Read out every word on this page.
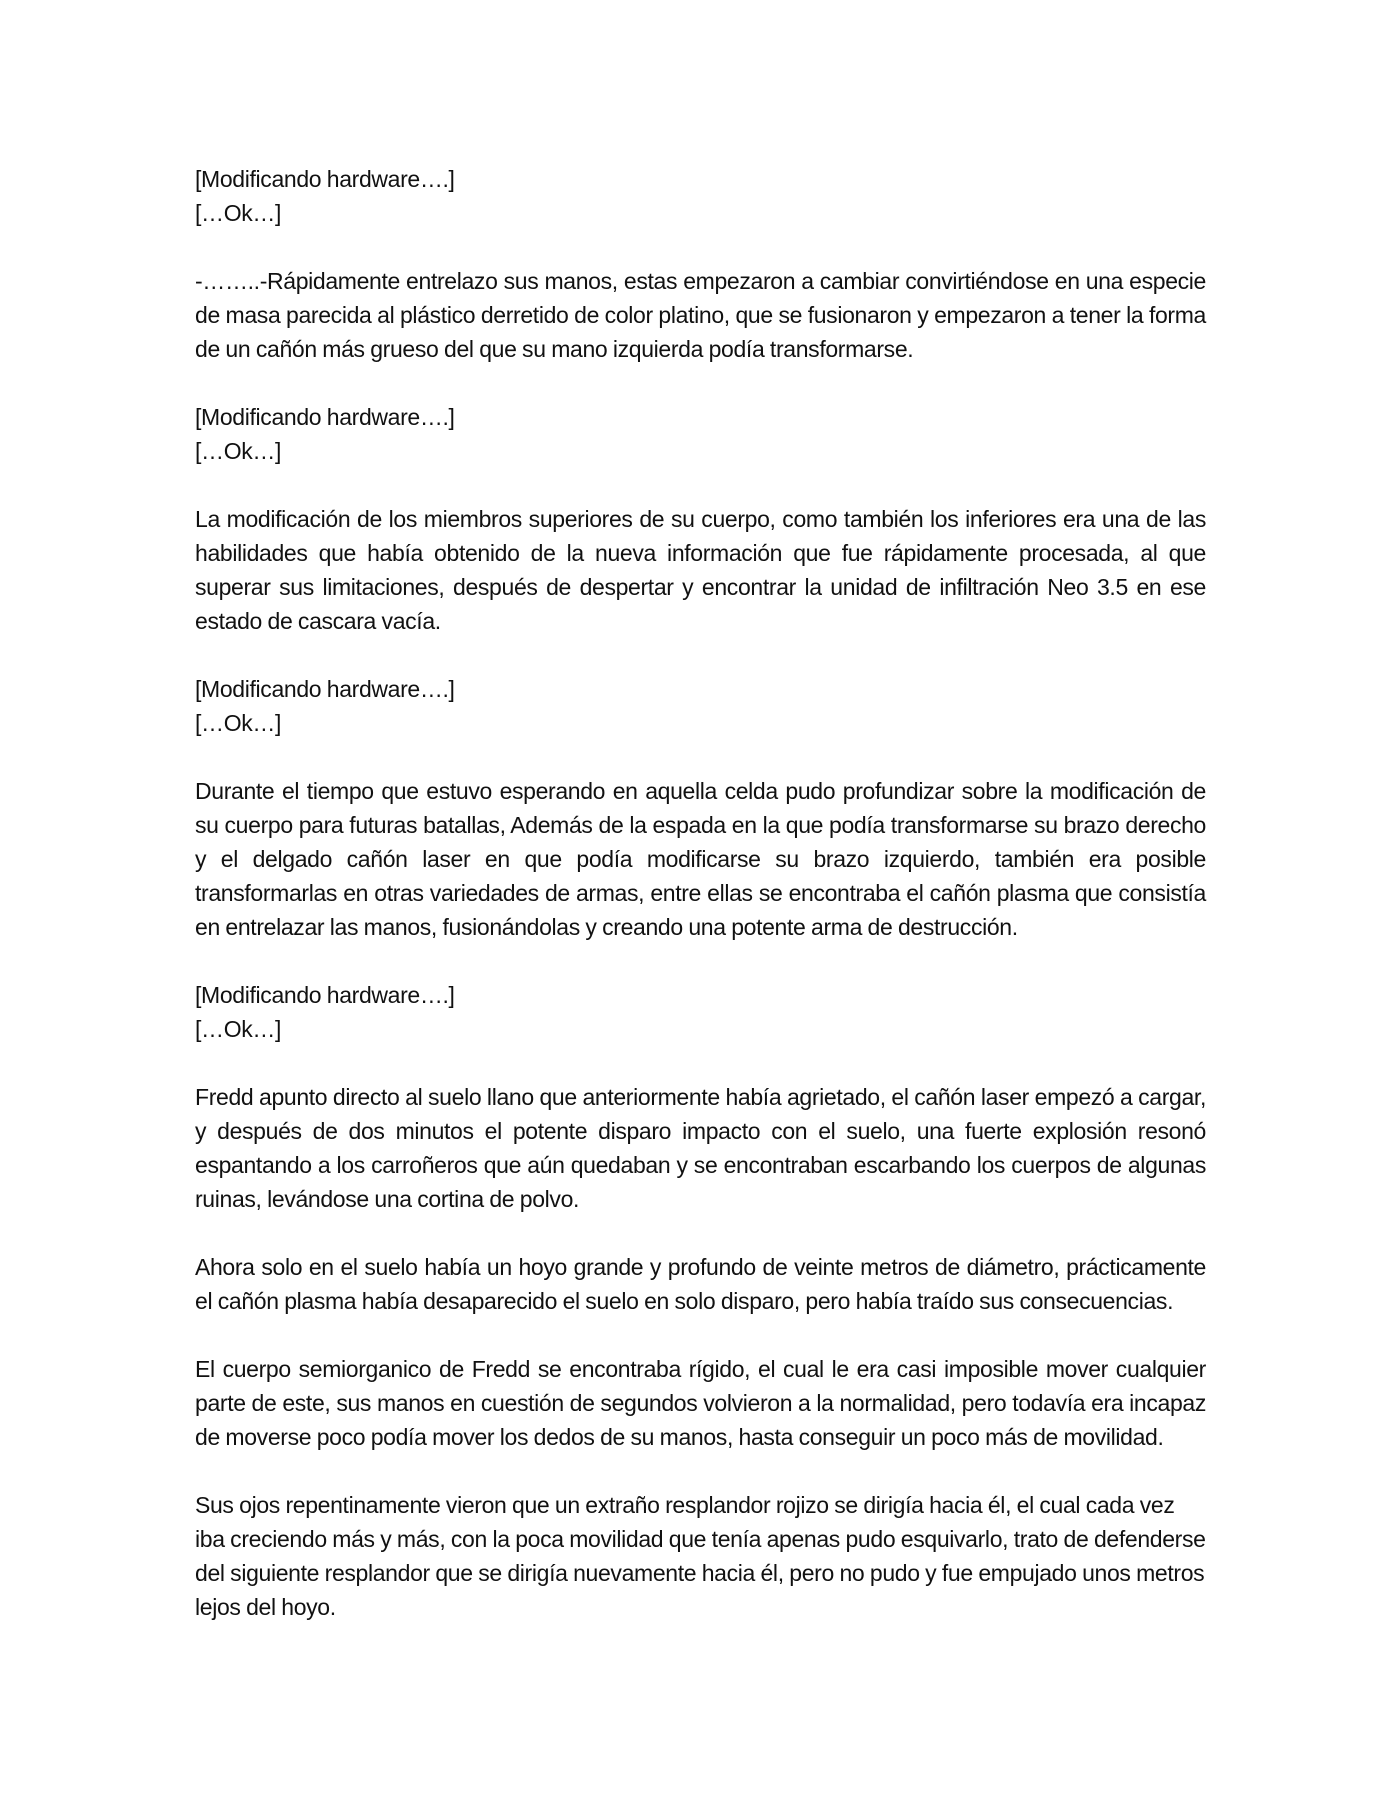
[Modificando hardware….]
[…Ok…]

-……..-Rápidamente entrelazo sus manos, estas empezaron a cambiar convirtiéndose en una especie de masa parecida al plástico derretido de color platino, que se fusionaron y empezaron a tener la forma de un cañón más grueso del que su mano izquierda podía transformarse.

[Modificando hardware….]
[…Ok…]

La modificación de los miembros superiores de su cuerpo, como también los inferiores era una de las habilidades que había obtenido de la nueva información que fue rápidamente procesada, al que superar sus limitaciones, después de despertar y encontrar la unidad de infiltración Neo 3.5 en ese estado de cascara vacía.

[Modificando hardware….]
[…Ok…]

Durante el tiempo que estuvo esperando en aquella celda pudo profundizar sobre la modificación de su cuerpo para futuras batallas, Además de la espada en la que podía transformarse su brazo derecho y el delgado cañón laser en que podía modificarse su brazo izquierdo, también era posible transformarlas en otras variedades de armas, entre ellas se encontraba el cañón plasma que consistía en entrelazar las manos, fusionándolas y creando una potente arma de destrucción.

[Modificando hardware….]
[…Ok…]

Fredd apunto directo al suelo llano que anteriormente había agrietado, el cañón laser empezó a cargar, y después de dos minutos el potente disparo impacto con el suelo, una fuerte explosión resonó espantando a los carroñeros que aún quedaban y se encontraban escarbando los cuerpos de algunas ruinas, levándose una cortina de polvo.

Ahora solo en el suelo había un hoyo grande y profundo de veinte metros de diámetro, prácticamente el cañón plasma había desaparecido el suelo en solo disparo, pero había traído sus consecuencias.

El cuerpo semiorganico de Fredd se encontraba rígido, el cual le era casi imposible mover cualquier parte de este, sus manos en cuestión de segundos volvieron a la normalidad, pero todavía era incapaz de moverse poco podía mover los dedos de su manos, hasta conseguir un poco más de movilidad.

Sus ojos repentinamente vieron que un extraño resplandor rojizo se dirigía hacia él, el cual cada vez iba creciendo más y más, con la poca movilidad que tenía apenas pudo esquivarlo, trato de defenderse del siguiente resplandor que se dirigía nuevamente hacia él, pero no pudo y fue empujado unos metros lejos del hoyo.
